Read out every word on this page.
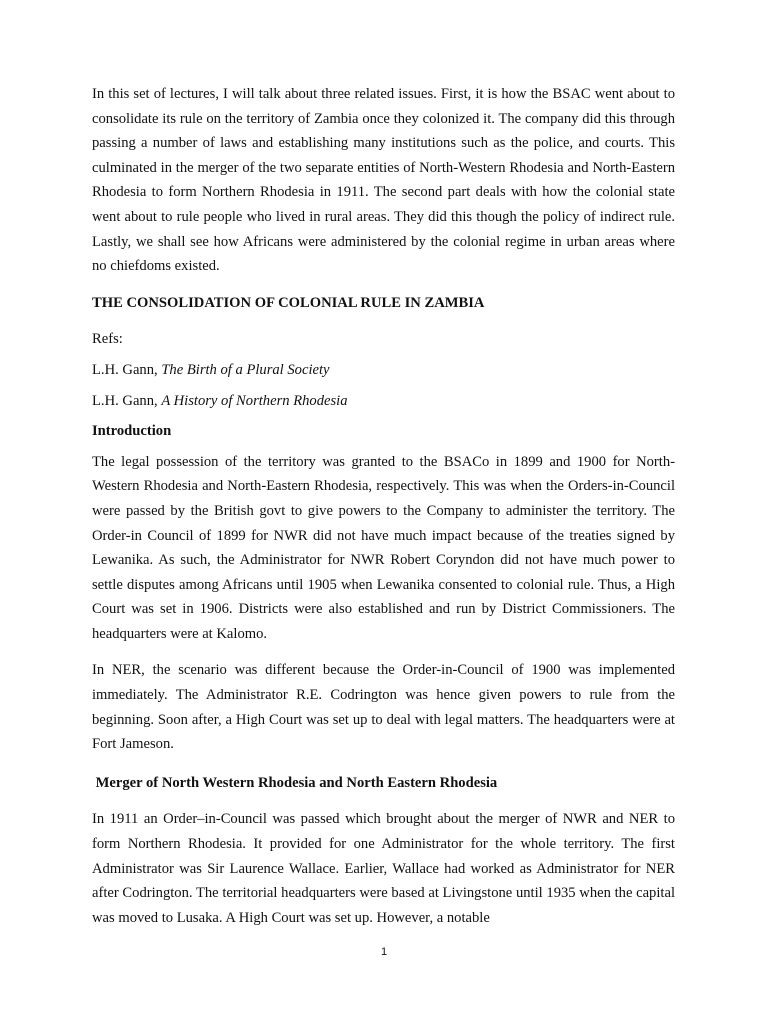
In this set of lectures, I will talk about three related issues. First, it is how the BSAC went about to consolidate its rule on the territory of Zambia once they colonized it. The company did this through passing a number of laws and establishing many institutions such as the police, and courts. This culminated in the merger of the two separate entities of North-Western Rhodesia and North-Eastern Rhodesia to form Northern Rhodesia in 1911. The second part deals with how the colonial state went about to rule people who lived in rural areas. They did this though the policy of indirect rule. Lastly, we shall see how Africans were administered by the colonial regime in urban areas where no chiefdoms existed.

THE CONSOLIDATION OF COLONIAL RULE IN ZAMBIA

Refs:

L.H. Gann, The Birth of a Plural Society

L.H. Gann, A History of Northern Rhodesia

Introduction

The legal possession of the territory was granted to the BSACo in 1899 and 1900 for North-Western Rhodesia and North-Eastern Rhodesia, respectively. This was when the Orders-in-Council were passed by the British govt to give powers to the Company to administer the territory. The Order-in Council of 1899 for NWR did not have much impact because of the treaties signed by Lewanika. As such, the Administrator for NWR Robert Coryndon did not have much power to settle disputes among Africans until 1905 when Lewanika consented to colonial rule. Thus, a High Court was set in 1906. Districts were also established and run by District Commissioners. The headquarters were at Kalomo.

In NER, the scenario was different because the Order-in-Council of 1900 was implemented immediately. The Administrator R.E. Codrington was hence given powers to rule from the beginning. Soon after, a High Court was set up to deal with legal matters. The headquarters were at Fort Jameson.

Merger of North Western Rhodesia and North Eastern Rhodesia

In 1911 an Order–in-Council was passed which brought about the merger of NWR and NER to form Northern Rhodesia. It provided for one Administrator for the whole territory. The first Administrator was Sir Laurence Wallace. Earlier, Wallace had worked as Administrator for NER after Codrington. The territorial headquarters were based at Livingstone until 1935 when the capital was moved to Lusaka. A High Court was set up. However, a notable

1
